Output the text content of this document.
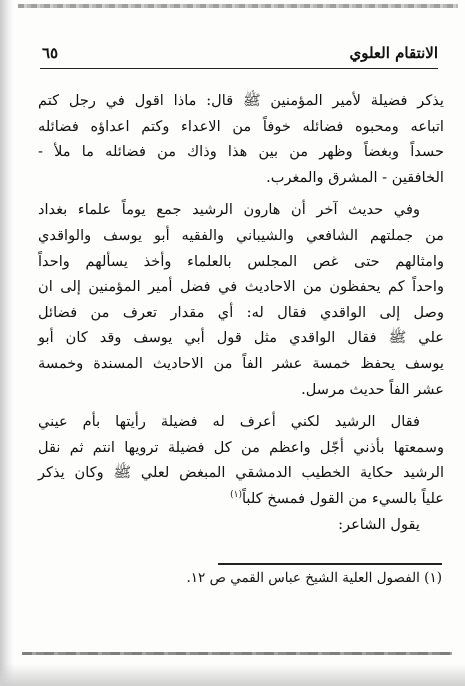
الانتقام العلوي
٦٥
يذكر فضيلة لأمير المؤمنين ﷺ قال: ماذا اقول في رجل كتم
اتباعه ومحبوه فضائله خوفاً من الاعداء وكتم اعداؤه فضائله
حسداً وبغضاً وظهر من بين هذا وذاك من فضائله ما ملأ -
الخافقين - المشرق والمغرب.
وفي حديث آخر أن هارون الرشيد جمع يوماً علماء بغداد
من جملتهم الشافعي والشيباني والفقيه أبو يوسف والواقدي
وامثالهم حتى غص المجلس بالعلماء وأخذ يسألهم واحداً
واحداً كم يحفظون من الاحاديث في فضل أمير المؤمنين إلى ان
وصل إلى الواقدي فقال له: أي مقدار تعرف من فضائل
علي ﷺ فقال الواقدي مثل قول أبي يوسف وقد كان أبو
يوسف يحفظ خمسة عشر الفاً من الاحاديث المسندة وخمسة
عشر الفاً حديث مرسل.
فقال الرشيد لكني أعرف له فضيلة رأيتها بأم عيني
وسمعتها بأذني أجّل واعظم من كل فضيلة ترويها انتم ثم نقل
الرشيد حكاية الخطيب الدمشقي المبغض لعلي ﷺ وكان يذكر
علياً بالسيء من القول فمسخ كلباً$^{(١)}$
يقول الشاعر:
(١) الفصول العلية الشيخ عباس القمي ص ١٢.
